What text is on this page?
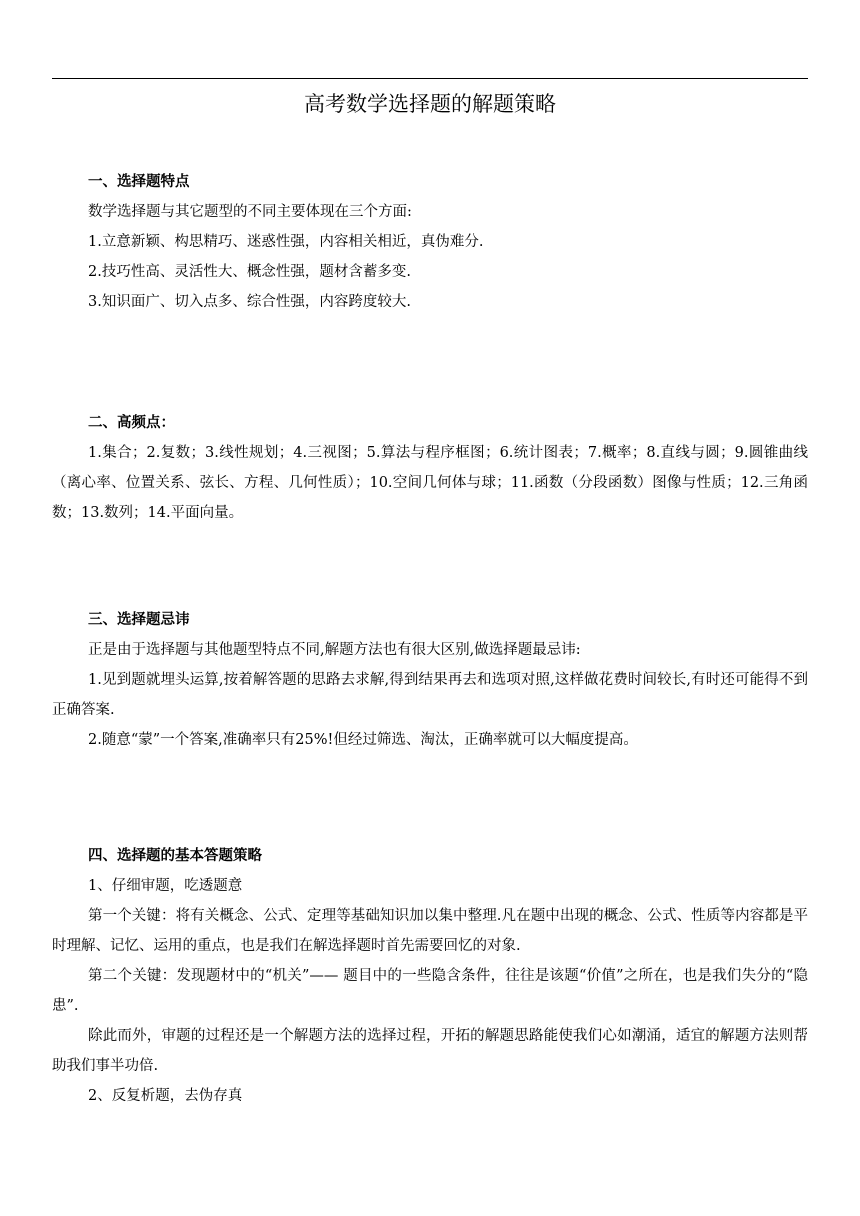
高考数学选择题的解题策略
一、选择题特点
数学选择题与其它题型的不同主要体现在三个方面:
1.立意新颖、构思精巧、迷惑性强，内容相关相近，真伪难分.
2.技巧性高、灵活性大、概念性强，题材含蓄多变.
3.知识面广、切入点多、综合性强，内容跨度较大.
二、高频点：
1.集合；2.复数；3.线性规划；4.三视图；5.算法与程序框图；6.统计图表；7.概率；8.直线与圆；9.圆锥曲线（离心率、位置关系、弦长、方程、几何性质）；10.空间几何体与球；11.函数（分段函数）图像与性质；12.三角函数；13.数列；14.平面向量。
三、选择题忌讳
正是由于选择题与其他题型特点不同,解题方法也有很大区别,做选择题最忌讳:
1.见到题就埋头运算,按着解答题的思路去求解,得到结果再去和选项对照,这样做花费时间较长,有时还可能得不到正确答案.
2.随意“蒙”一个答案,准确率只有25%!但经过筛选、淘汰，正确率就可以大幅度提高。
四、选择题的基本答题策略
1、仔细审题，吃透题意
第一个关键：将有关概念、公式、定理等基础知识加以集中整理.凡在题中出现的概念、公式、性质等内容都是平时理解、记忆、运用的重点，也是我们在解选择题时首先需要回忆的对象.
第二个关键：发现题材中的“机关”—— 题目中的一些隐含条件，往往是该题“价值”之所在，也是我们失分的“隐患”.
除此而外，审题的过程还是一个解题方法的选择过程，开拓的解题思路能使我们心如潮涌，适宜的解题方法则帮助我们事半功倍.
2、反复析题，去伪存真
